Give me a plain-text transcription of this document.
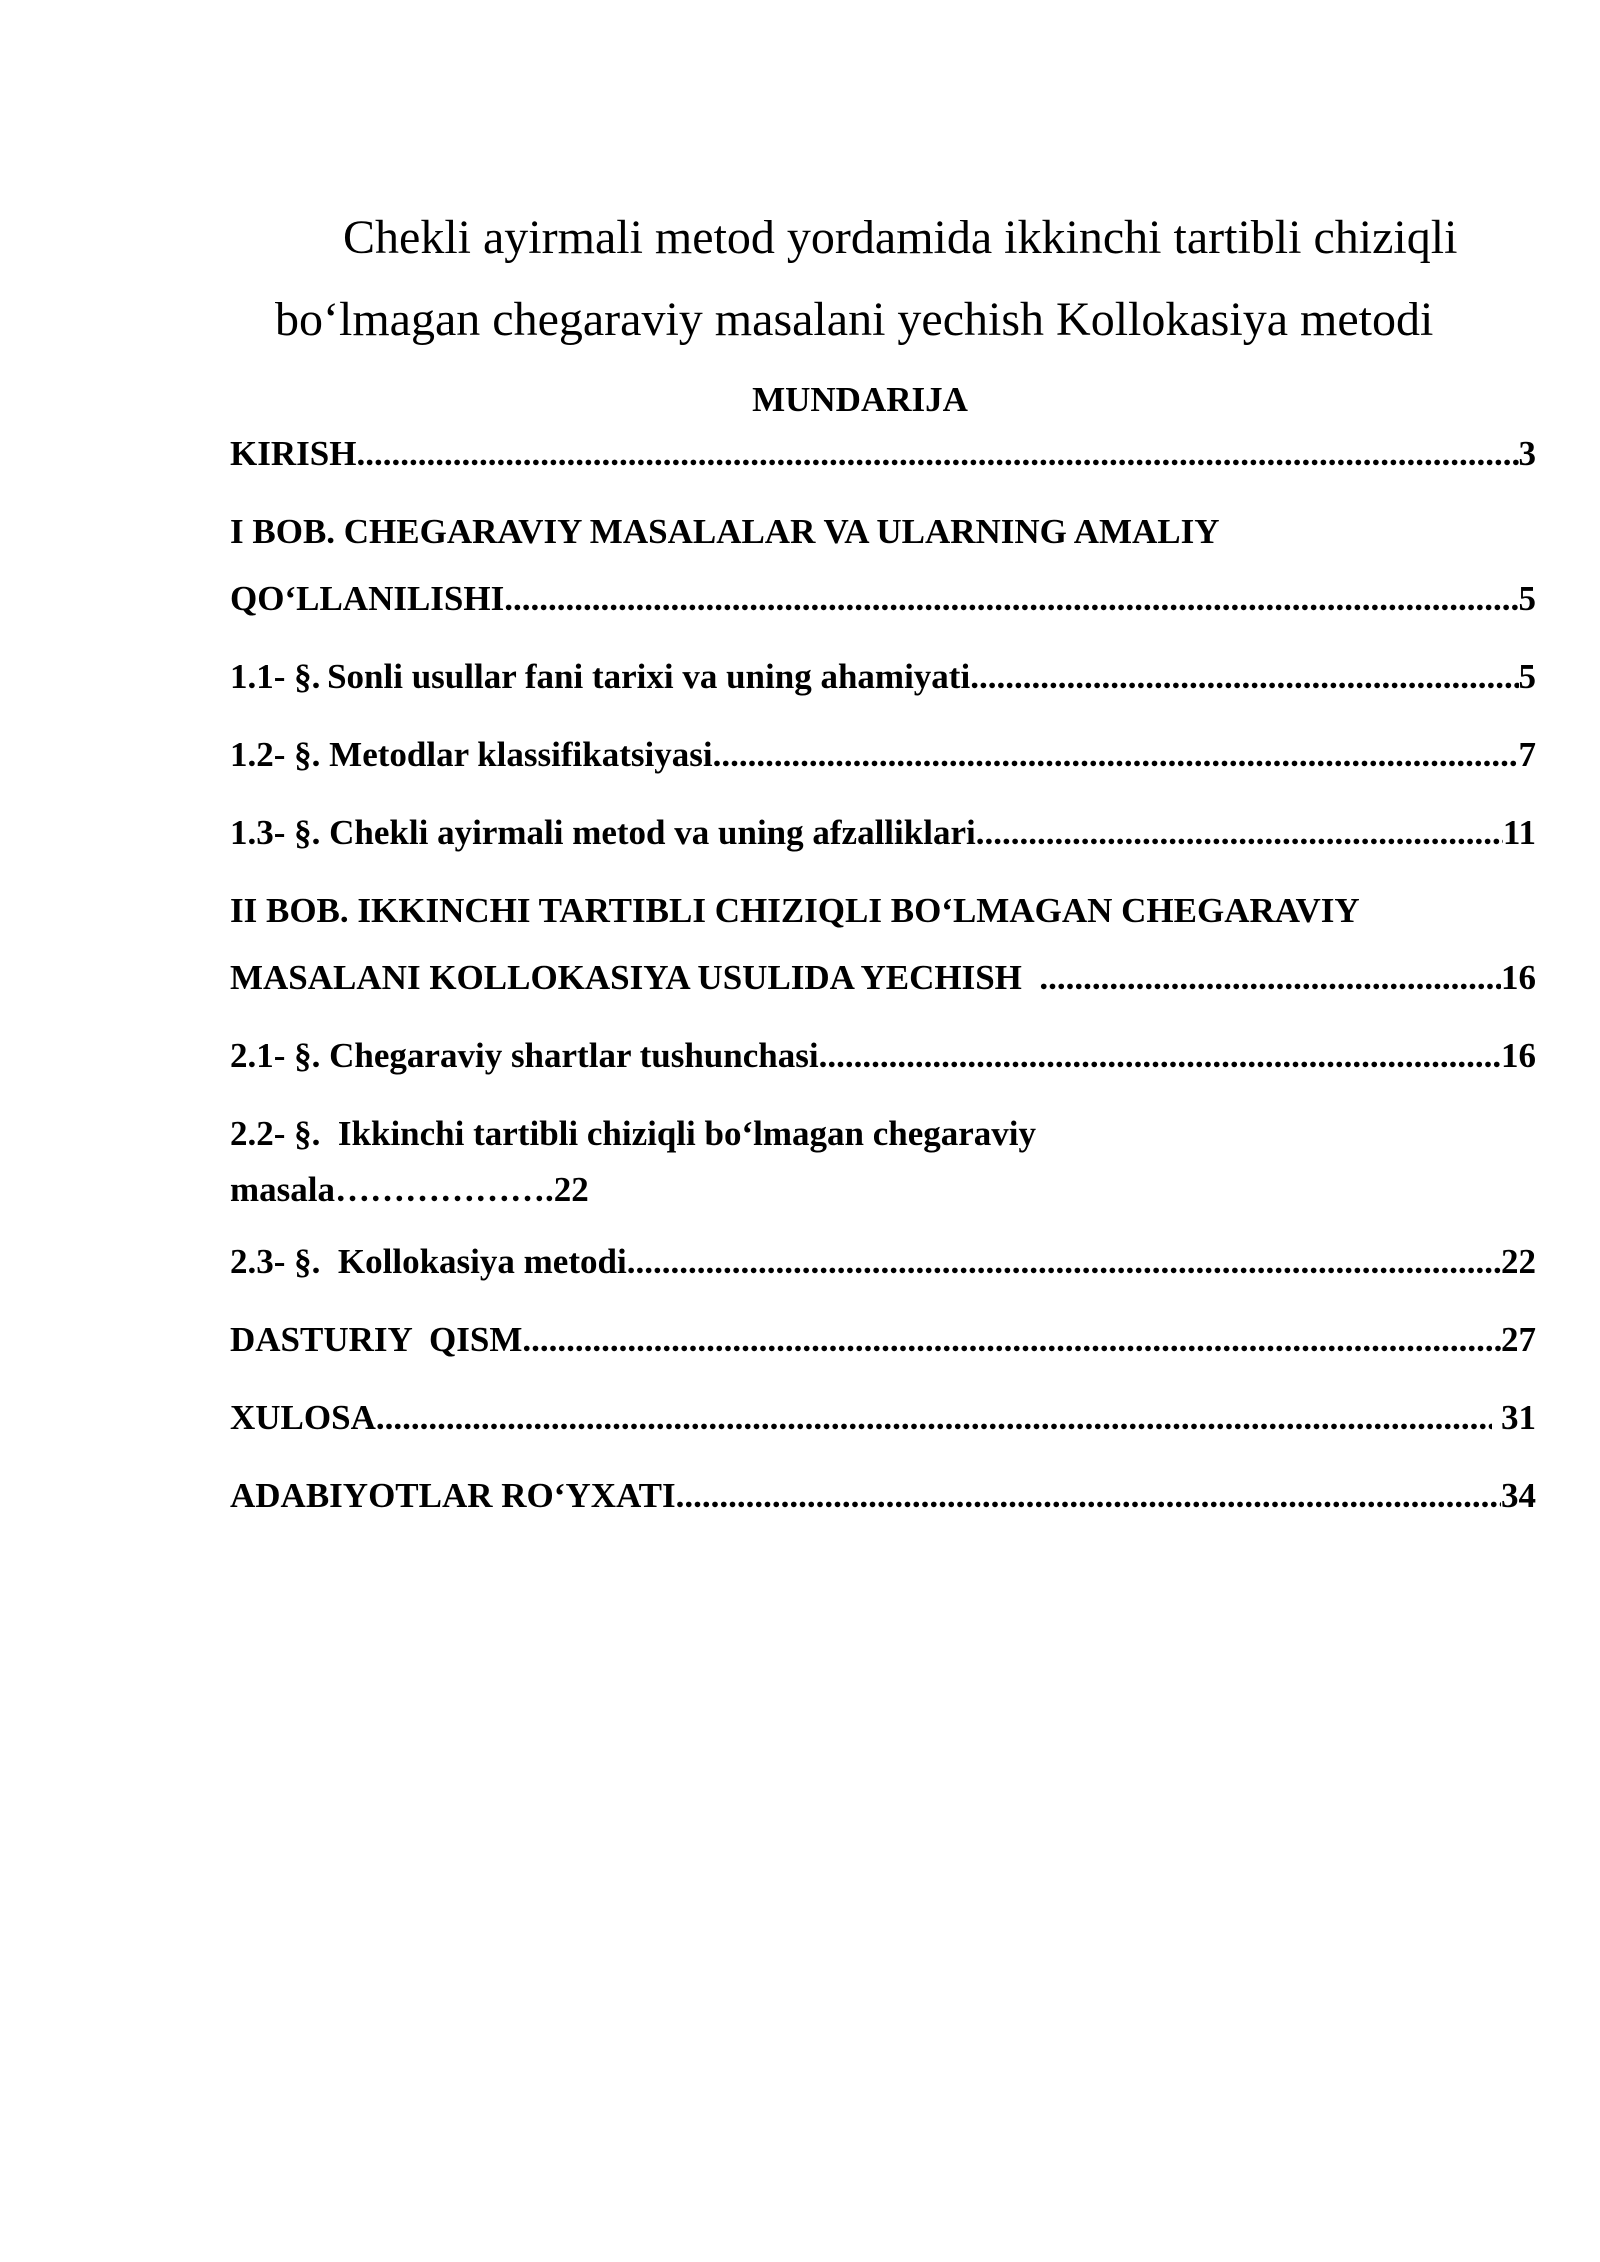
Chekli ayirmali metod yordamida ikkinchi tartibli chiziqli
bo‘lmagan chegaraviy masalani yechish Kollokasiya metodi
MUNDARIJA
KIRISH .....	3
I BOB. CHEGARAVIY MASALALAR VA ULARNING AMALIY
QO‘LLANILISHI .....	5
1.1- §. Sonli usullar fani tarixi va uning ahamiyati .....	5
1.2- §. Metodlar klassifikatsiyasi .....	7
1.3- §. Chekli ayirmali metod va uning afzalliklari .....	11
II BOB. IKKINCHI TARTIBLI CHIZIQLI BO‘LMAGAN CHEGARAVIY
MASALANI KOLLOKASIYA USULIDA YECHISH .....	16
2.1- §. Chegaraviy shartlar tushunchasi .....	16
2.2- §.  Ikkinchi tartibli chiziqli bo‘lmagan chegaraviy
masala……………….22
2.3- §.  Kollokasiya metodi .....	22
DASTURIY  QISM .....	27
XULOSA .....	31
ADABIYOTLAR RO‘YXATI .....	34
